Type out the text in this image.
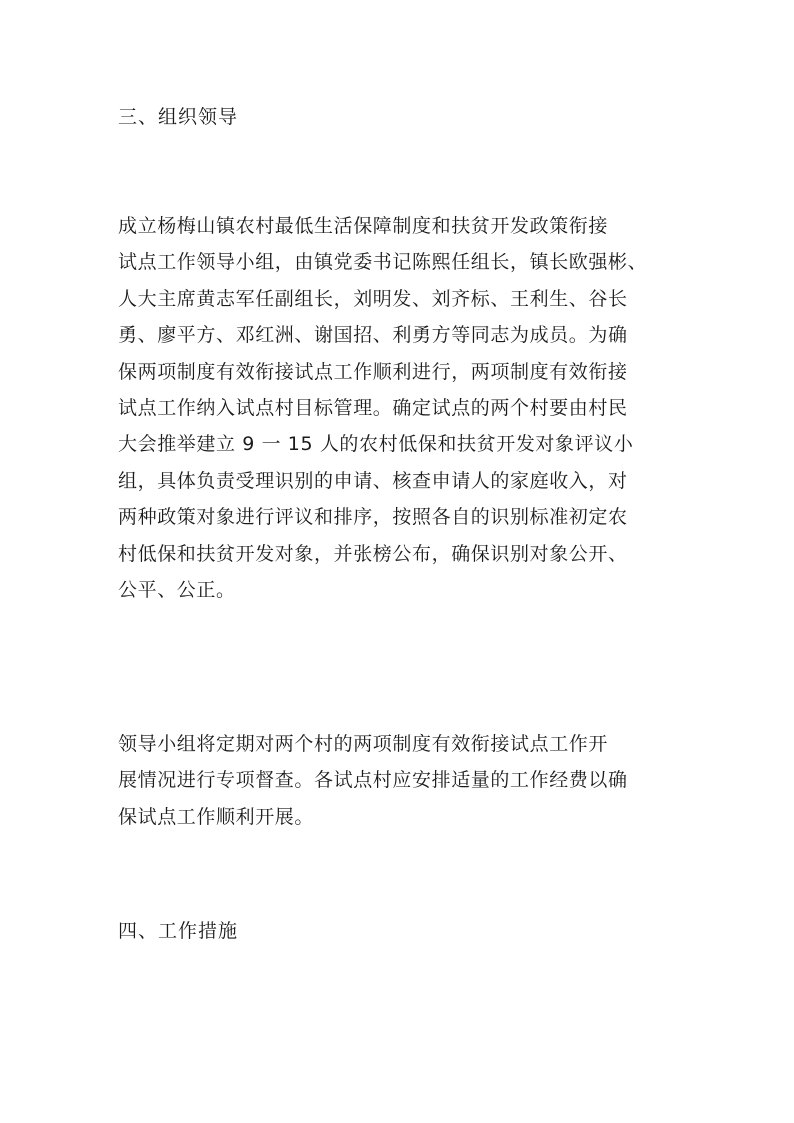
三、组织领导
成立杨梅山镇农村最低生活保障制度和扶贫开发政策衔接
试点工作领导小组，由镇党委书记陈熙任组长，镇长欧强彬、
人大主席黄志军任副组长，刘明发、刘齐标、王利生、谷长
勇、廖平方、邓红洲、谢国招、利勇方等同志为成员。为确
保两项制度有效衔接试点工作顺利进行，两项制度有效衔接
试点工作纳入试点村目标管理。确定试点的两个村要由村民
大会推举建立 9 一 15 人的农村低保和扶贫开发对象评议小
组，具体负责受理识别的申请、核查申请人的家庭收入，对
两种政策对象进行评议和排序，按照各自的识别标准初定农
村低保和扶贫开发对象，并张榜公布，确保识别对象公开、
公平、公正。
领导小组将定期对两个村的两项制度有效衔接试点工作开
展情况进行专项督查。各试点村应安排适量的工作经费以确
保试点工作顺利开展。
四、工作措施
